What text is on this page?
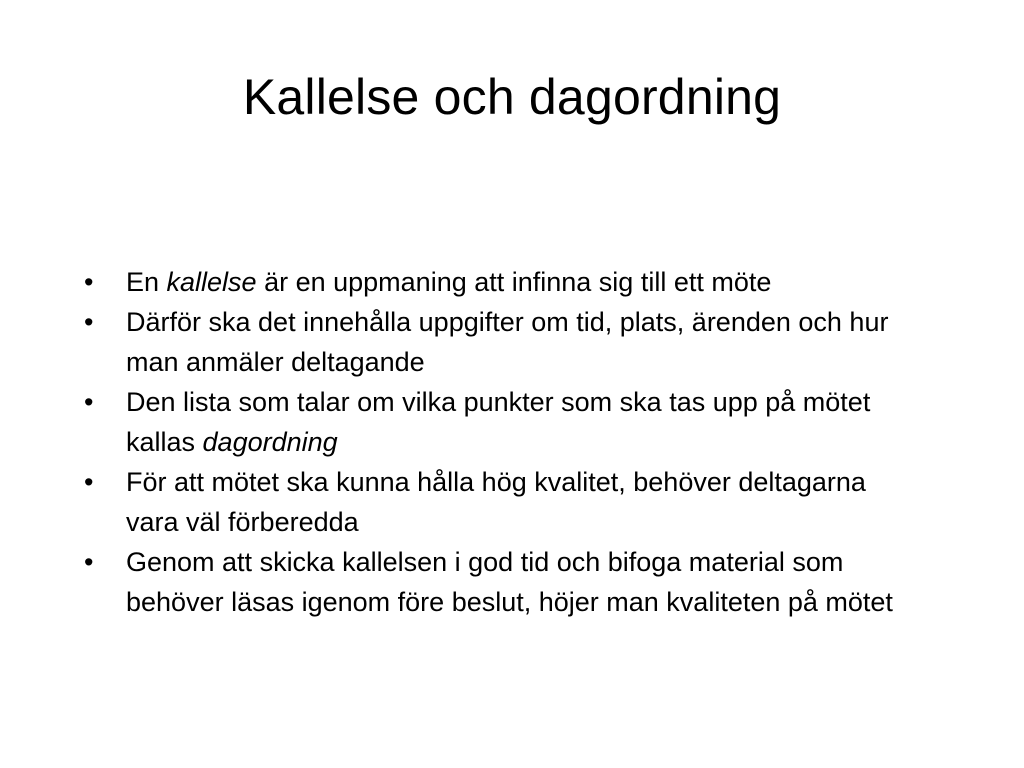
Kallelse och dagordning
•	En kallelse är en uppmaning att infinna sig till ett möte
•	Därför ska det innehålla uppgifter om tid, plats, ärenden och hur man anmäler deltagande
•	Den lista som talar om vilka punkter som ska tas upp på mötet kallas dagordning
•	För att mötet ska kunna hålla hög kvalitet, behöver deltagarna vara väl förberedda
•	Genom att skicka kallelsen i god tid och bifoga material som behöver läsas igenom före beslut, höjer man kvaliteten på mötet
